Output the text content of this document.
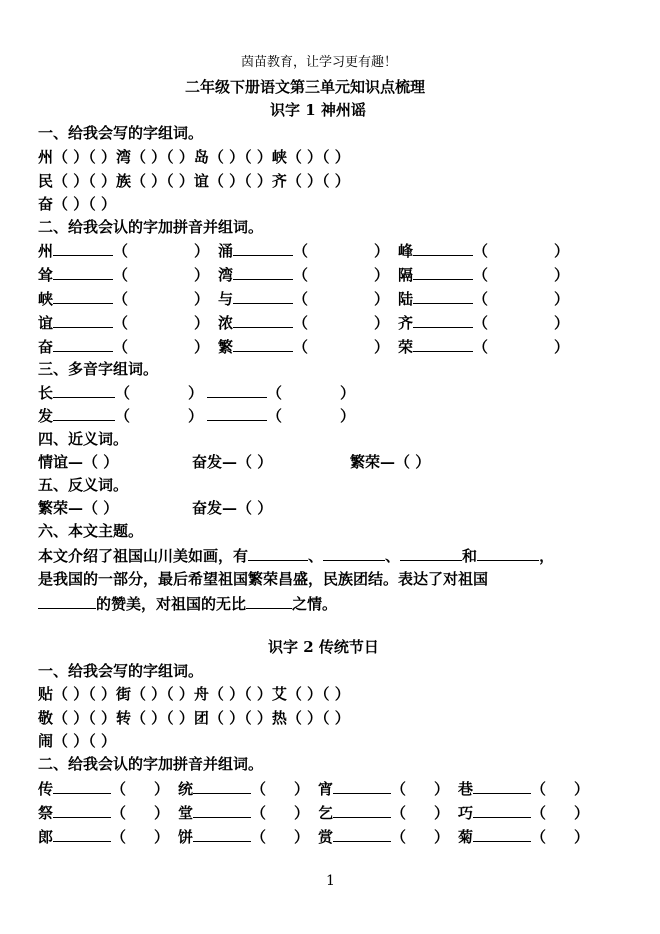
茵苗教育，让学习更有趣！
二年级下册语文第三单元知识点梳理
识字 1 神州谣
一、给我会写的字组词。
州（ ）（ ）湾（ ）（ ）岛（ ）（ ）峡（ ）（ ）
民（ ）（ ）族（ ）（ ）谊（ ）（ ）齐（ ）（ ）
奋（ ）（ ）
二、给我会认的字加拼音并组词。
三、多音字组词。
四、近义词。
情谊—（ ）	奋发—（ ）	繁荣—（ ）
五、反义词。
繁荣—（ ）	奋发—（ ）
六、本文主题。
本文介绍了祖国山川美如画，有	、	、	和	，
是我国的一部分，最后希望祖国繁荣昌盛，民族团结。表达了对祖国
的赞美，对祖国的无比	之情。
识字 2 传统节日
一、给我会写的字组词。
贴（ ）（ ）街（ ）（ ）舟（ ）（ ）艾（ ）（ ）
敬（ ）（ ）转（ ）（ ）团（ ）（ ）热（ ）（ ）
闹（ ）（ ）
二、给我会认的字加拼音并组词。
1
州	（	） 涌	（	） 峰	（	）
耸	（	） 湾	（	） 隔	（	）
峡	（	） 与	（	） 陆	（	）
谊	（	） 浓	（	） 齐	（	）
奋	（	） 繁	（	） 荣	（	）
长	（	）	（	）
发	（	）	（	）
传	（ ） 统	（ ） 宵	（ ） 巷	（ ）
祭	（ ） 堂	（ ） 乞	（ ） 巧	（ ）
郎	（ ） 饼	（ ） 赏	（ ） 菊	（ ）
